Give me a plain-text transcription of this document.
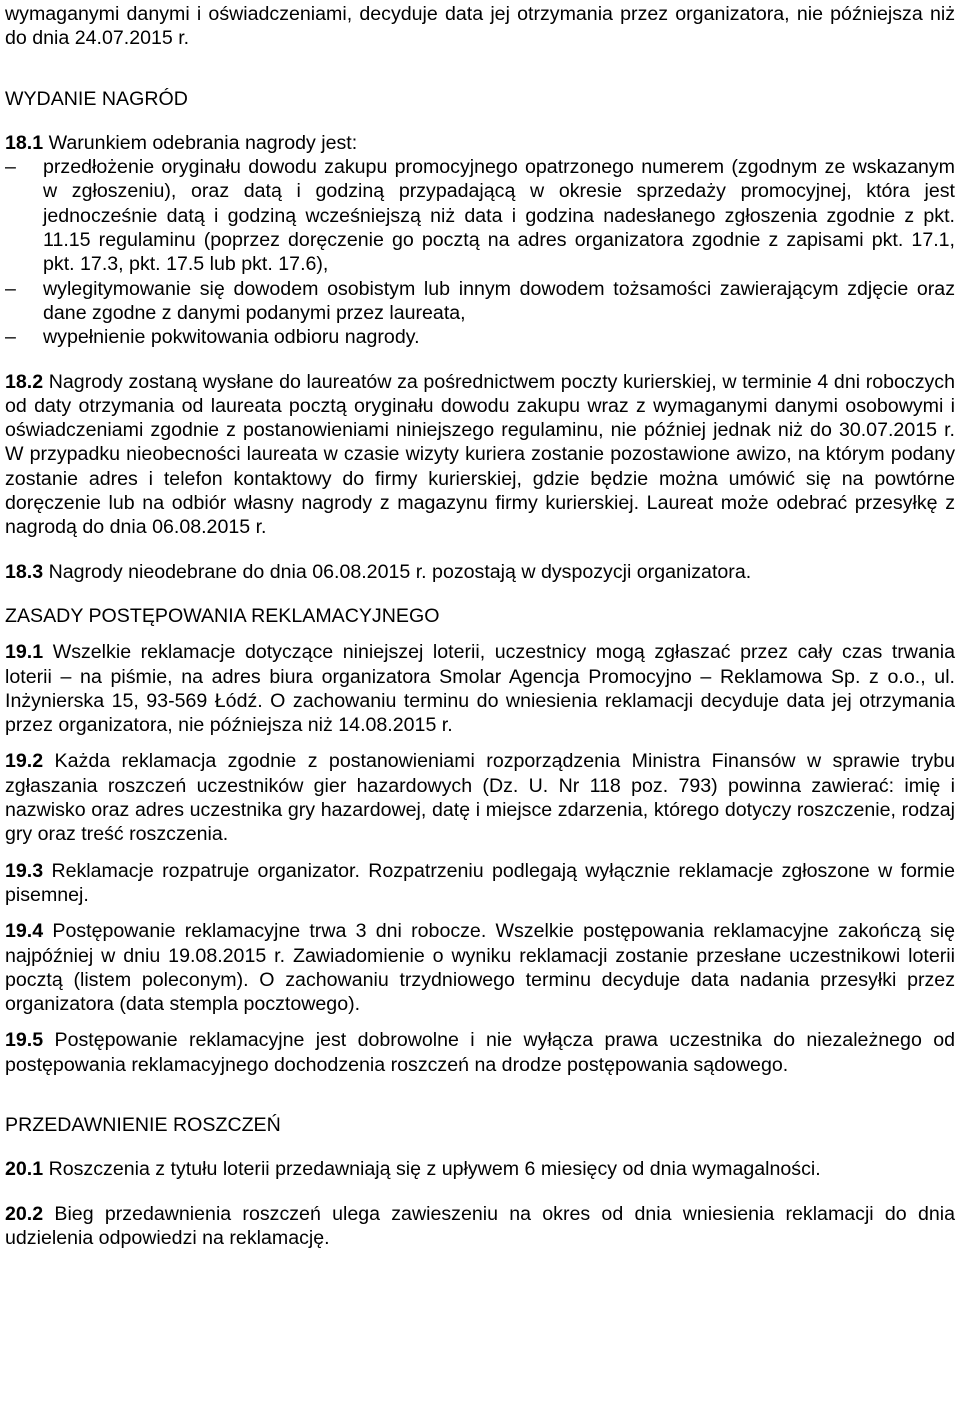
wymaganymi danymi i oświadczeniami, decyduje data jej otrzymania przez organizatora, nie późniejsza niż do dnia 24.07.2015 r.

WYDANIE NAGRÓD

18.1 Warunkiem odebrania nagrody jest:

– przedłożenie oryginału dowodu zakupu promocyjnego opatrzonego numerem (zgodnym ze wskazanym w zgłoszeniu), oraz datą i godziną przypadającą w okresie sprzedaży promocyjnej, która jest jednocześnie datą i godziną wcześniejszą niż data i godzina nadesłanego zgłoszenia zgodnie z pkt. 11.15 regulaminu (poprzez doręczenie go pocztą na adres organizatora zgodnie z zapisami pkt. 17.1, pkt. 17.3, pkt. 17.5 lub pkt. 17.6),
– wylegitymowanie się dowodem osobistym lub innym dowodem tożsamości zawierającym zdjęcie oraz dane zgodne z danymi podanymi przez laureata,
– wypełnienie pokwitowania odbioru nagrody.

18.2 Nagrody zostaną wysłane do laureatów za pośrednictwem poczty kurierskiej, w terminie 4 dni roboczych od daty otrzymania od laureata pocztą oryginału dowodu zakupu wraz z wymaganymi danymi osobowymi i oświadczeniami zgodnie z postanowieniami niniejszego regulaminu, nie później jednak niż do 30.07.2015 r. W przypadku nieobecności laureata w czasie wizyty kuriera zostanie pozostawione awizo, na którym podany zostanie adres i telefon kontaktowy do firmy kurierskiej, gdzie będzie można umówić się na powtórne doręczenie lub na odbiór własny nagrody z magazynu firmy kurierskiej. Laureat może odebrać przesyłkę z nagrodą do dnia 06.08.2015 r.

18.3 Nagrody nieodebrane do dnia 06.08.2015 r. pozostają w dyspozycji organizatora.

ZASADY POSTĘPOWANIA REKLAMACYJNEGO

19.1 Wszelkie reklamacje dotyczące niniejszej loterii, uczestnicy mogą zgłaszać przez cały czas trwania loterii – na piśmie, na adres biura organizatora Smolar Agencja Promocyjno – Reklamowa Sp. z o.o., ul. Inżynierska 15, 93-569 Łódź. O zachowaniu terminu do wniesienia reklamacji decyduje data jej otrzymania przez organizatora, nie późniejsza niż 14.08.2015 r.

19.2 Każda reklamacja zgodnie z postanowieniami rozporządzenia Ministra Finansów w sprawie trybu zgłaszania roszczeń uczestników gier hazardowych (Dz. U. Nr 118 poz. 793) powinna zawierać: imię i nazwisko oraz adres uczestnika gry hazardowej, datę i miejsce zdarzenia, którego dotyczy roszczenie, rodzaj gry oraz treść roszczenia.

19.3 Reklamacje rozpatruje organizator. Rozpatrzeniu podlegają wyłącznie reklamacje zgłoszone w formie pisemnej.

19.4 Postępowanie reklamacyjne trwa 3 dni robocze. Wszelkie postępowania reklamacyjne zakończą się najpóźniej w dniu 19.08.2015 r. Zawiadomienie o wyniku reklamacji zostanie przesłane uczestnikowi loterii pocztą (listem poleconym). O zachowaniu trzydniowego terminu decyduje data nadania przesyłki przez organizatora (data stempla pocztowego).

19.5 Postępowanie reklamacyjne jest dobrowolne i nie wyłącza prawa uczestnika do niezależnego od postępowania reklamacyjnego dochodzenia roszczeń na drodze postępowania sądowego.

PRZEDAWNIENIE ROSZCZEŃ

20.1 Roszczenia z tytułu loterii przedawniają się z upływem 6 miesięcy od dnia wymagalności.

20.2 Bieg przedawnienia roszczeń ulega zawieszeniu na okres od dnia wniesienia reklamacji do dnia udzielenia odpowiedzi na reklamację.
